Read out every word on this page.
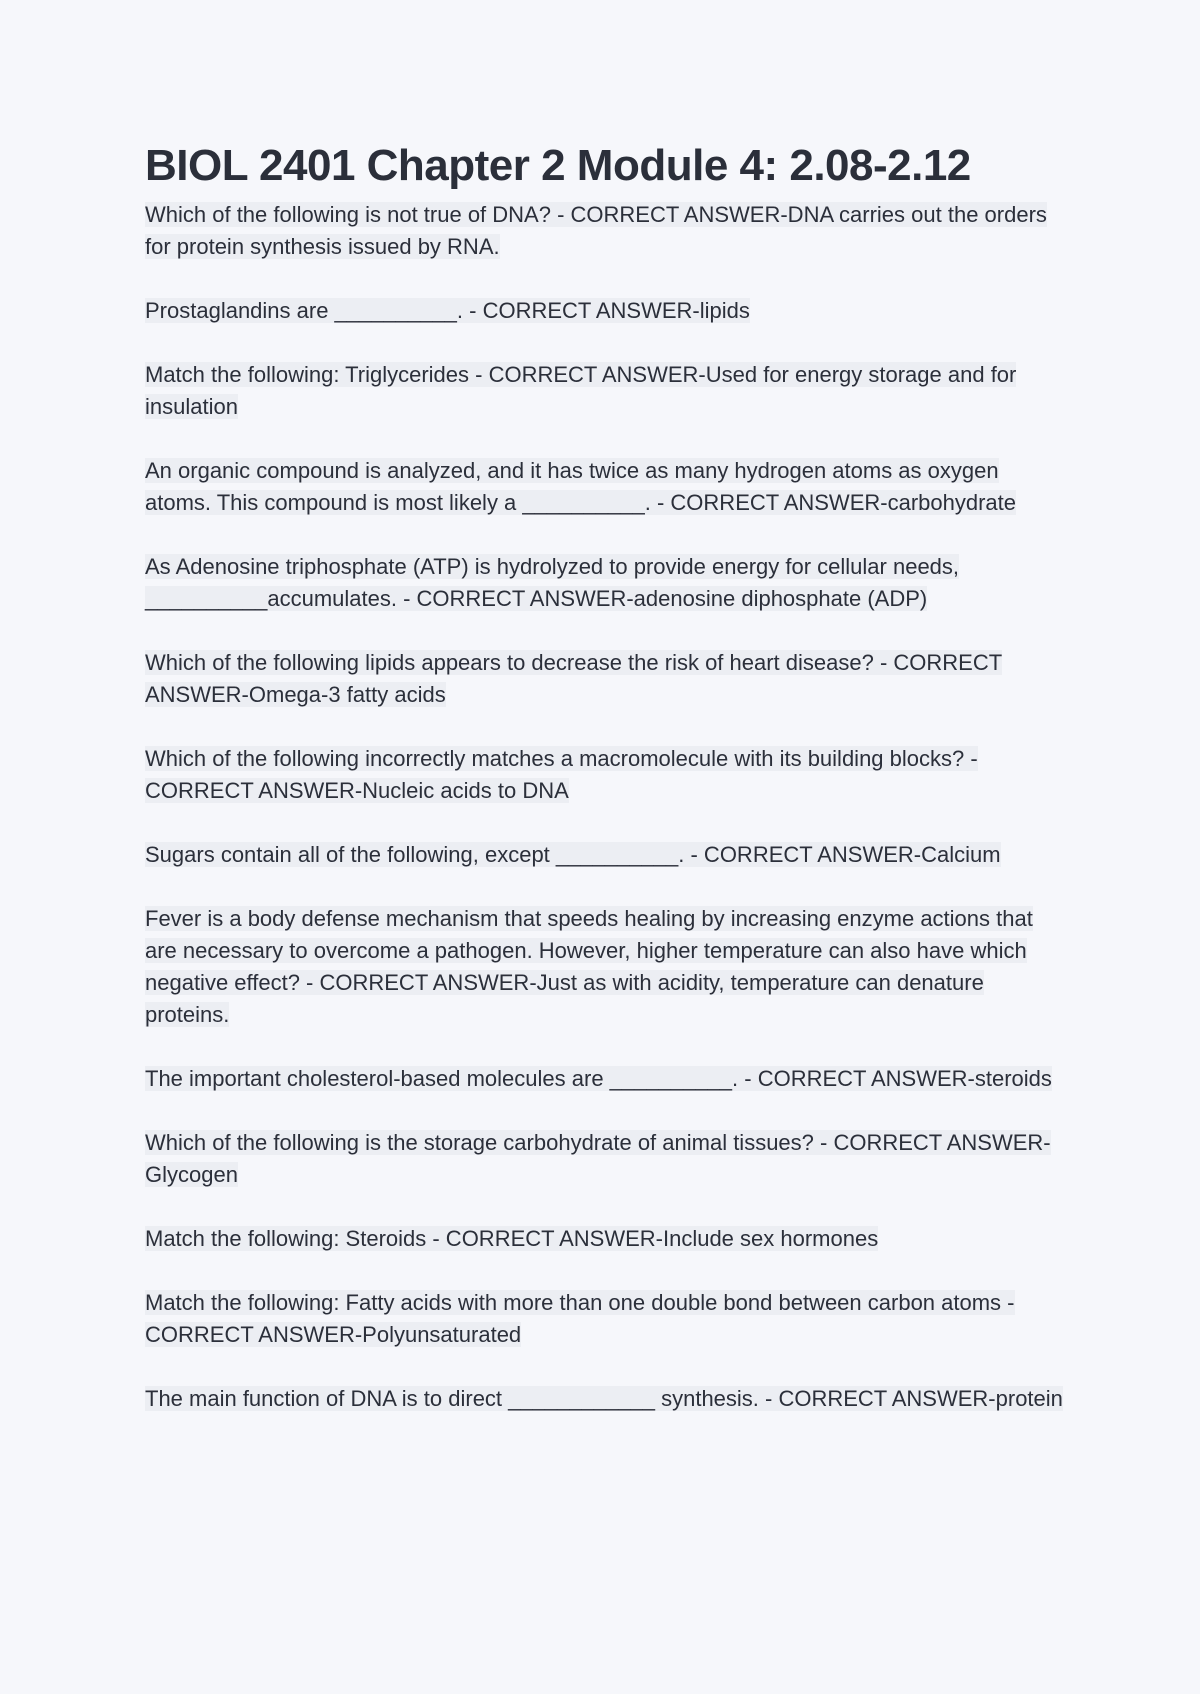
BIOL 2401 Chapter 2 Module 4: 2.08-2.12

Which of the following is not true of DNA? - CORRECT ANSWER-DNA carries out the orders for protein synthesis issued by RNA.

Prostaglandins are __________. - CORRECT ANSWER-lipids

Match the following: Triglycerides - CORRECT ANSWER-Used for energy storage and for insulation

An organic compound is analyzed, and it has twice as many hydrogen atoms as oxygen atoms. This compound is most likely a __________. - CORRECT ANSWER-carbohydrate

As Adenosine triphosphate (ATP) is hydrolyzed to provide energy for cellular needs, __________accumulates. - CORRECT ANSWER-adenosine diphosphate (ADP)

Which of the following lipids appears to decrease the risk of heart disease? - CORRECT ANSWER-Omega-3 fatty acids

Which of the following incorrectly matches a macromolecule with its building blocks? - CORRECT ANSWER-Nucleic acids to DNA

Sugars contain all of the following, except __________. - CORRECT ANSWER-Calcium

Fever is a body defense mechanism that speeds healing by increasing enzyme actions that are necessary to overcome a pathogen. However, higher temperature can also have which negative effect? - CORRECT ANSWER-Just as with acidity, temperature can denature proteins.

The important cholesterol-based molecules are __________. - CORRECT ANSWER-steroids

Which of the following is the storage carbohydrate of animal tissues? - CORRECT ANSWER-Glycogen

Match the following: Steroids - CORRECT ANSWER-Include sex hormones

Match the following: Fatty acids with more than one double bond between carbon atoms - CORRECT ANSWER-Polyunsaturated

The main function of DNA is to direct ____________ synthesis. - CORRECT ANSWER-protein
